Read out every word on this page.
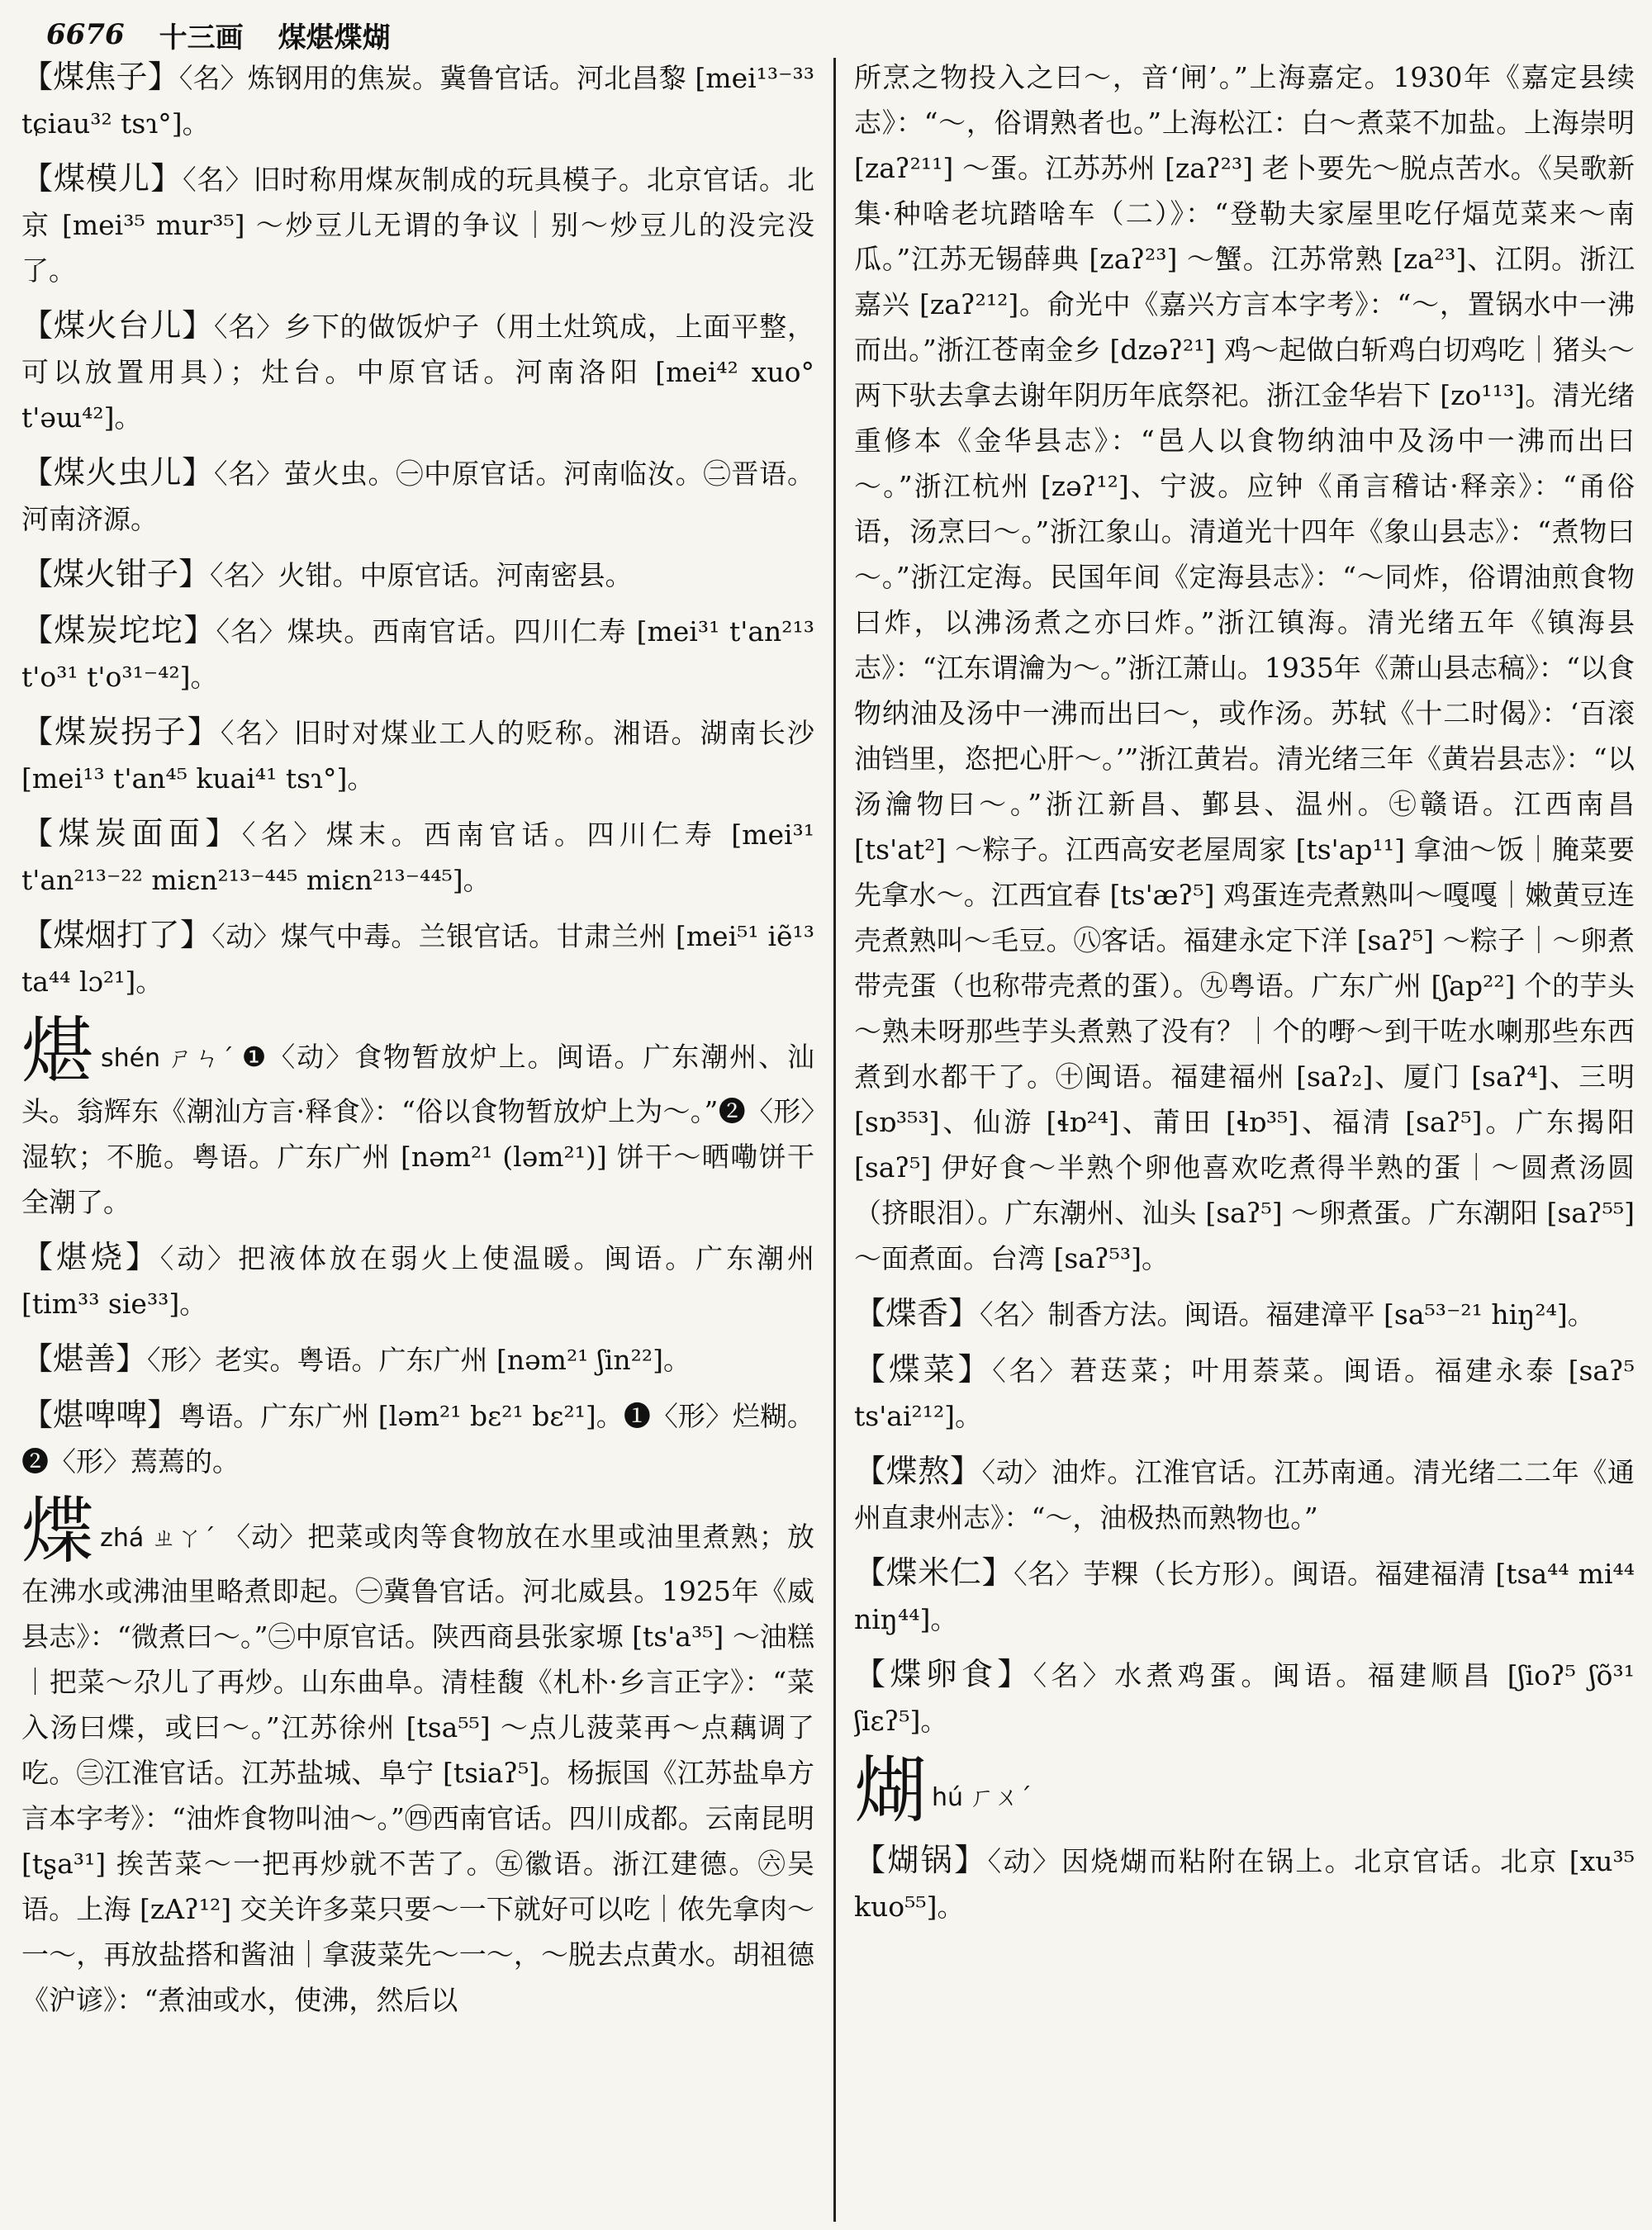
6676 十三画 煤煁煠煳

【煤焦子】〈名〉炼钢用的焦炭。冀鲁官话。河北昌黎 [mei¹³⁻³³ tɕiau³² tsɿ°]。

【煤模儿】〈名〉旧时称用煤灰制成的玩具模子。北京官话。北京 [mei³⁵ mur³⁵] ～炒豆儿无谓的争议｜别～炒豆儿的没完没了。

【煤火台儿】〈名〉乡下的做饭炉子（用土灶筑成，上面平整，可以放置用具）；灶台。中原官话。河南洛阳 [mei⁴² xuo° t'əɯ⁴²]。

【煤火虫儿】〈名〉萤火虫。㊀中原官话。河南临汝。㊁晋语。河南济源。

【煤火钳子】〈名〉火钳。中原官话。河南密县。

【煤炭坨坨】〈名〉煤块。西南官话。四川仁寿 [mei³¹ t'an²¹³ t'o³¹ t'o³¹⁻⁴²]。

【煤炭拐子】〈名〉旧时对煤业工人的贬称。湘语。湖南长沙 [mei¹³ t'an⁴⁵ kuai⁴¹ tsɿ°]。

【煤炭面面】〈名〉煤末。西南官话。四川仁寿 [mei³¹ t'an²¹³⁻²² miɛn²¹³⁻⁴⁴⁵ miɛn²¹³⁻⁴⁴⁵]。

【煤烟打了】〈动〉煤气中毒。兰银官话。甘肃兰州 [mei⁵¹ iẽ¹³ ta⁴⁴ lɔ²¹]。

煁shén ㄕㄣˊ ❶〈动〉食物暂放炉上。闽语。广东潮州、汕头。翁辉东《潮汕方言·释食》：“俗以食物暂放炉上为～。”❷〈形〉湿软；不脆。粤语。广东广州 [nəm²¹ (ləm²¹)] 饼干～晒嘞饼干全潮了。

【煁烧】〈动〉把液体放在弱火上使温暖。闽语。广东潮州 [tim³³ sie³³]。

【煁善】〈形〉老实。粤语。广东广州 [nəm²¹ ʃin²²]。

【煁啤啤】粤语。广东广州 [ləm²¹ bɛ²¹ bɛ²¹]。❶〈形〉烂糊。❷〈形〉蔫蔫的。

煠zhá ㄓㄚˊ 〈动〉把菜或肉等食物放在水里或油里煮熟；放在沸水或沸油里略煮即起。㊀冀鲁官话。河北威县。1925年《威县志》：“微煮曰～。”㊁中原官话。陕西商县张家塬 [ts'a³⁵] ～油糕｜把菜～尕儿了再炒。山东曲阜。清桂馥《札朴·乡言正字》：“菜入汤曰煠，或曰～。”江苏徐州 [tsa⁵⁵] ～点儿菠菜再～点藕调了吃。㊂江淮官话。江苏盐城、阜宁 [tsiaʔ⁵]。杨振国《江苏盐阜方言本字考》：“油炸食物叫油～。”㊃西南官话。四川成都。云南昆明 [tʂa³¹] 挨苦菜～一把再炒就不苦了。㊄徽语。浙江建德。㊅吴语。上海 [zAʔ¹²] 交关许多菜只要～一下就好可以吃｜侬先拿肉～一～，再放盐搭和酱油｜拿菠菜先～一～，～脱去点黄水。胡祖德《沪谚》：“煮油或水，使沸，然后以

所烹之物投入之曰～，音‘闸’。”上海嘉定。1930年《嘉定县续志》：“～，俗谓熟者也。”上海松江：白～煮菜不加盐。上海崇明 [zaʔ²¹¹] ～蛋。江苏苏州 [zaʔ²³] 老卜要先～脱点苦水。《吴歌新集·种啥老坑踏啥车（二）》：“登勒夫家屋里吃仔煏苋菜来～南瓜。”江苏无锡薛典 [zaʔ²³] ～蟹。江苏常熟 [za²³]、江阴。浙江嘉兴 [zaʔ²¹²]。俞光中《嘉兴方言本字考》：“～，置锅水中一沸而出。”浙江苍南金乡 [dzəʔ²¹] 鸡～起做白斩鸡白切鸡吃｜猪头～两下驮去拿去谢年阴历年底祭祀。浙江金华岩下 [zo¹¹³]。清光绪重修本《金华县志》：“邑人以食物纳油中及汤中一沸而出曰～。”浙江杭州 [zəʔ¹²]、宁波。应钟《甬言稽诂·释亲》：“甬俗语，汤烹曰～。”浙江象山。清道光十四年《象山县志》：“煮物曰～。”浙江定海。民国年间《定海县志》：“～同炸，俗谓油煎食物曰炸，以沸汤煮之亦曰炸。”浙江镇海。清光绪五年《镇海县志》：“江东谓瀹为～。”浙江萧山。1935年《萧山县志稿》：“以食物纳油及汤中一沸而出曰～，或作汤。苏轼《十二时偈》：‘百滚油铛里，恣把心肝～。’”浙江黄岩。清光绪三年《黄岩县志》：“以汤瀹物曰～。”浙江新昌、鄞县、温州。㊆赣语。江西南昌 [ts'at²] ～粽子。江西高安老屋周家 [ts'ap¹¹] 拿油～饭｜腌菜要先拿水～。江西宜春 [ts'æʔ⁵] 鸡蛋连壳煮熟叫～嘎嘎｜嫩黄豆连壳煮熟叫～毛豆。㊇客话。福建永定下洋 [saʔ⁵] ～粽子｜～卵煮带壳蛋（也称带壳煮的蛋）。㊈粤语。广东广州 [ʃap²²] 个的芋头～熟未呀那些芋头煮熟了没有？｜个的嘢～到干咗水喇那些东西煮到水都干了。㊉闽语。福建福州 [saʔ₂]、厦门 [saʔ⁴]、三明 [sɒ³⁵³]、仙游 [ɬɒ²⁴]、莆田 [ɬɒ³⁵]、福清 [saʔ⁵]。广东揭阳 [saʔ⁵] 伊好食～半熟个卵他喜欢吃煮得半熟的蛋｜～圆煮汤圆（挤眼泪）。广东潮州、汕头 [saʔ⁵] ～卵煮蛋。广东潮阳 [saʔ⁵⁵] ～面煮面。台湾 [saʔ⁵³]。

【煠香】〈名〉制香方法。闽语。福建漳平 [sa⁵³⁻²¹ hiŋ²⁴]。

【煠菜】〈名〉莙荙菜；叶用萘菜。闽语。福建永泰 [saʔ⁵ ts'ai²¹²]。

【煠熬】〈动〉油炸。江淮官话。江苏南通。清光绪二二年《通州直隶州志》：“～，油极热而熟物也。”

【煠米仁】〈名〉芋粿（长方形）。闽语。福建福清 [tsa⁴⁴ mi⁴⁴ niŋ⁴⁴]。

【煠卵食】〈名〉水煮鸡蛋。闽语。福建顺昌 [ʃioʔ⁵ ʃõ³¹ ʃiɛʔ⁵]。

煳hú ㄏㄨˊ

【煳锅】〈动〉因烧煳而粘附在锅上。北京官话。北京 [xu³⁵ kuo⁵⁵]。
